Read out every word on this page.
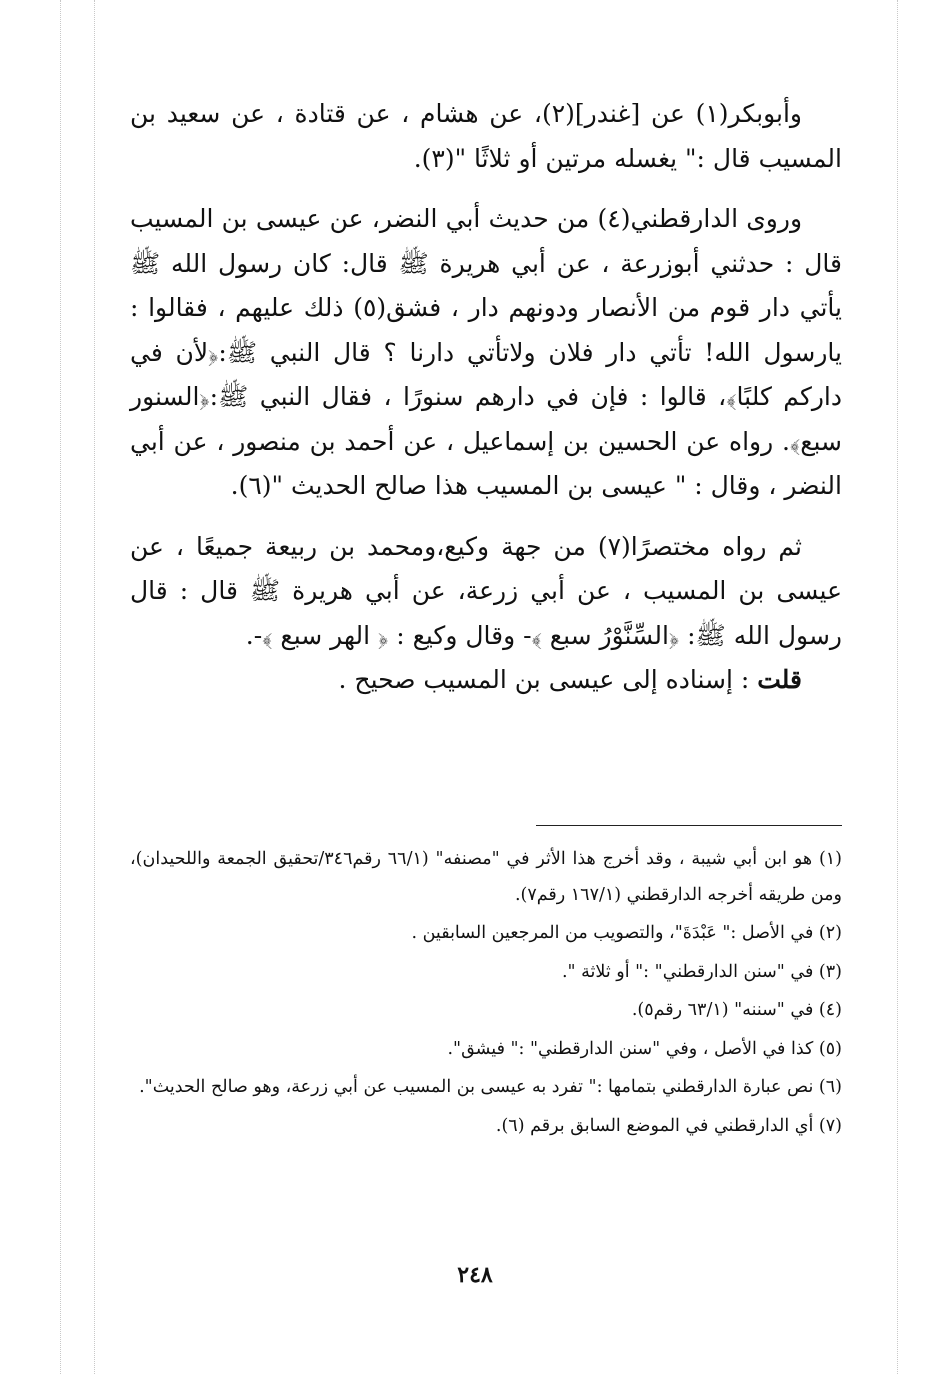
وأبوبكر(١) عن [غندر](٢)، عن هشام ، عن قتادة ، عن سعيد بن المسيب قال :" يغسله مرتين أو ثلاثًا "(٣).

وروى الدارقطني(٤) من حديث أبي النضر، عن عيسى بن المسيب قال : حدثني أبوزرعة ، عن أبي هريرة ﷺ قال: كان رسول الله ﷺ يأتي دار قوم من الأنصار ودونهم دار ، فشق(٥) ذلك عليهم ، فقالوا : يارسول الله! تأتي دار فلان ولاتأتي دارنا ؟ قال النبي ﷺ:﴿لأن في داركم كلبًا﴾، قالوا : فإن في دارهم سنورًا ، فقال النبي ﷺ:﴿السنور سبع﴾. رواه عن الحسين بن إسماعيل ، عن أحمد بن منصور ، عن أبي النضر ، وقال : " عيسى بن المسيب هذا صالح الحديث "(٦).

ثم رواه مختصرًا(٧) من جهة وكيع،ومحمد بن ربيعة جميعًا ، عن عيسى بن المسيب ، عن أبي زرعة، عن أبي هريرة ﷺ قال : قال رسول الله ﷺ: ﴿السِّنَّوْرُ سبع ﴾- وقال وكيع : ﴿ الهر سبع ﴾-.

قلت : إسناده إلى عيسى بن المسيب صحيح .

(١) هو ابن أبي شيبة ، وقد أخرج هذا الأثر في "مصنفه" (٦٦/١ رقم٣٤٦/تحقيق الجمعة واللحيدان)، ومن طريقه أخرجه الدارقطني (١٦٧/١ رقم٧).

(٢) في الأصل :" عَبْدَةَ"، والتصويب من المرجعين السابقين .

(٣) في "سنن الدارقطني" :" أو ثلاثة ".

(٤) في "سننه" (٦٣/١ رقم٥).

(٥) كذا في الأصل ، وفي "سنن الدارقطني" :" فيشق".

(٦) نص عبارة الدارقطني بتمامها :" تفرد به عيسى بن المسيب عن أبي زرعة، وهو صالح الحديث".

(٧) أي الدارقطني في الموضع السابق برقم (٦).

٢٤٨
